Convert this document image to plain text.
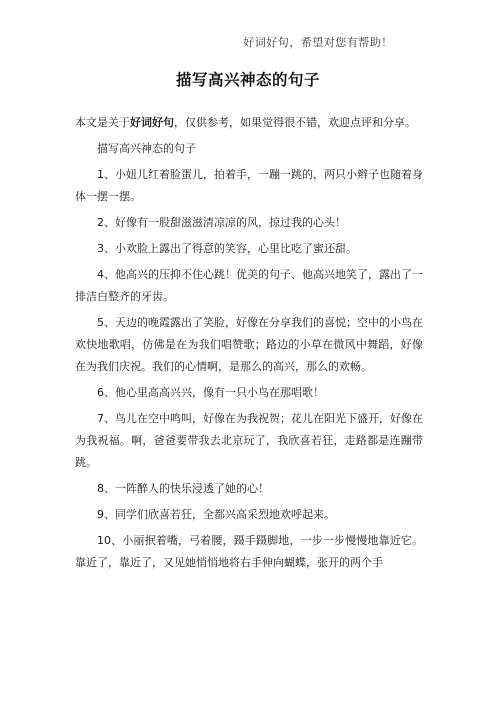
好词好句，希望对您有帮助！
描写高兴神态的句子

本文是关于好词好句，仅供参考，如果觉得很不错，欢迎点评和分享。

描写高兴神态的句子

1、小妞儿红着脸蛋儿，拍着手，一蹦一跳的，两只小辫子也随着身体一摆一摆。

2、好像有一股甜滋滋清凉凉的风，掠过我的心头！

3、小欢脸上露出了得意的笑容，心里比吃了蜜还甜。

4、他高兴的压抑不住心跳！优美的句子、他高兴地笑了，露出了一排洁白整齐的牙齿。

5、天边的晚霞露出了笑脸，好像在分享我们的喜悦；空中的小鸟在欢快地歌唱，仿佛是在为我们唱赞歌；路边的小草在微风中舞蹈，好像在为我们庆祝。我们的心情啊，是那么的高兴，那么的欢畅。

6、他心里高高兴兴，像有一只小鸟在那唱歌！

7、鸟儿在空中鸣叫，好像在为我祝贺；花儿在阳光下盛开，好像在为我祝福。啊，爸爸要带我去北京玩了，我欣喜若狂，走路都是连蹦带跳。

8、一阵醉人的快乐浸透了她的心！

9、同学们欣喜若狂，全都兴高采烈地欢呼起来。

10、小丽抿着嘴，弓着腰，蹑手蹑脚地，一步一步慢慢地靠近它。靠近了，靠近了，又见她悄悄地将右手伸向蝴蝶，张开的两个手
